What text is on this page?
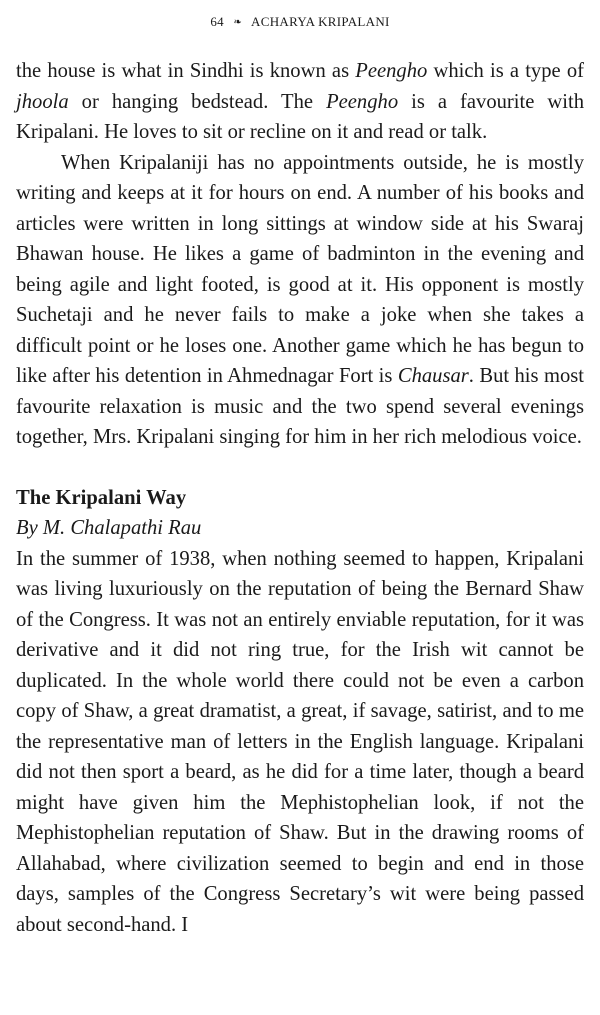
64 ❧ ACHARYA KRIPALANI

the house is what in Sindhi is known as Peengho which is a type of jhoola or hanging bedstead. The Peengho is a favourite with Kripalani. He loves to sit or recline on it and read or talk.

When Kripalaniji has no appointments outside, he is mostly writing and keeps at it for hours on end. A number of his books and articles were written in long sittings at window side at his Swaraj Bhawan house. He likes a game of badminton in the evening and being agile and light footed, is good at it. His opponent is mostly Suchetaji and he never fails to make a joke when she takes a difficult point or he loses one. Another game which he has begun to like after his detention in Ahmednagar Fort is Chausar. But his most favourite relaxation is music and the two spend several evenings together, Mrs. Kripalani singing for him in her rich melodious voice.

The Kripalani Way

By M. Chalapathi Rau

In the summer of 1938, when nothing seemed to happen, Kripalani was living luxuriously on the reputation of being the Bernard Shaw of the Congress. It was not an entirely enviable reputation, for it was derivative and it did not ring true, for the Irish wit cannot be duplicated. In the whole world there could not be even a carbon copy of Shaw, a great dramatist, a great, if savage, satirist, and to me the representative man of letters in the English language. Kripalani did not then sport a beard, as he did for a time later, though a beard might have given him the Mephistophelian look, if not the Mephistophelian reputation of Shaw. But in the drawing rooms of Allahabad, where civilization seemed to begin and end in those days, samples of the Congress Secretary’s wit were being passed about second-hand. I
